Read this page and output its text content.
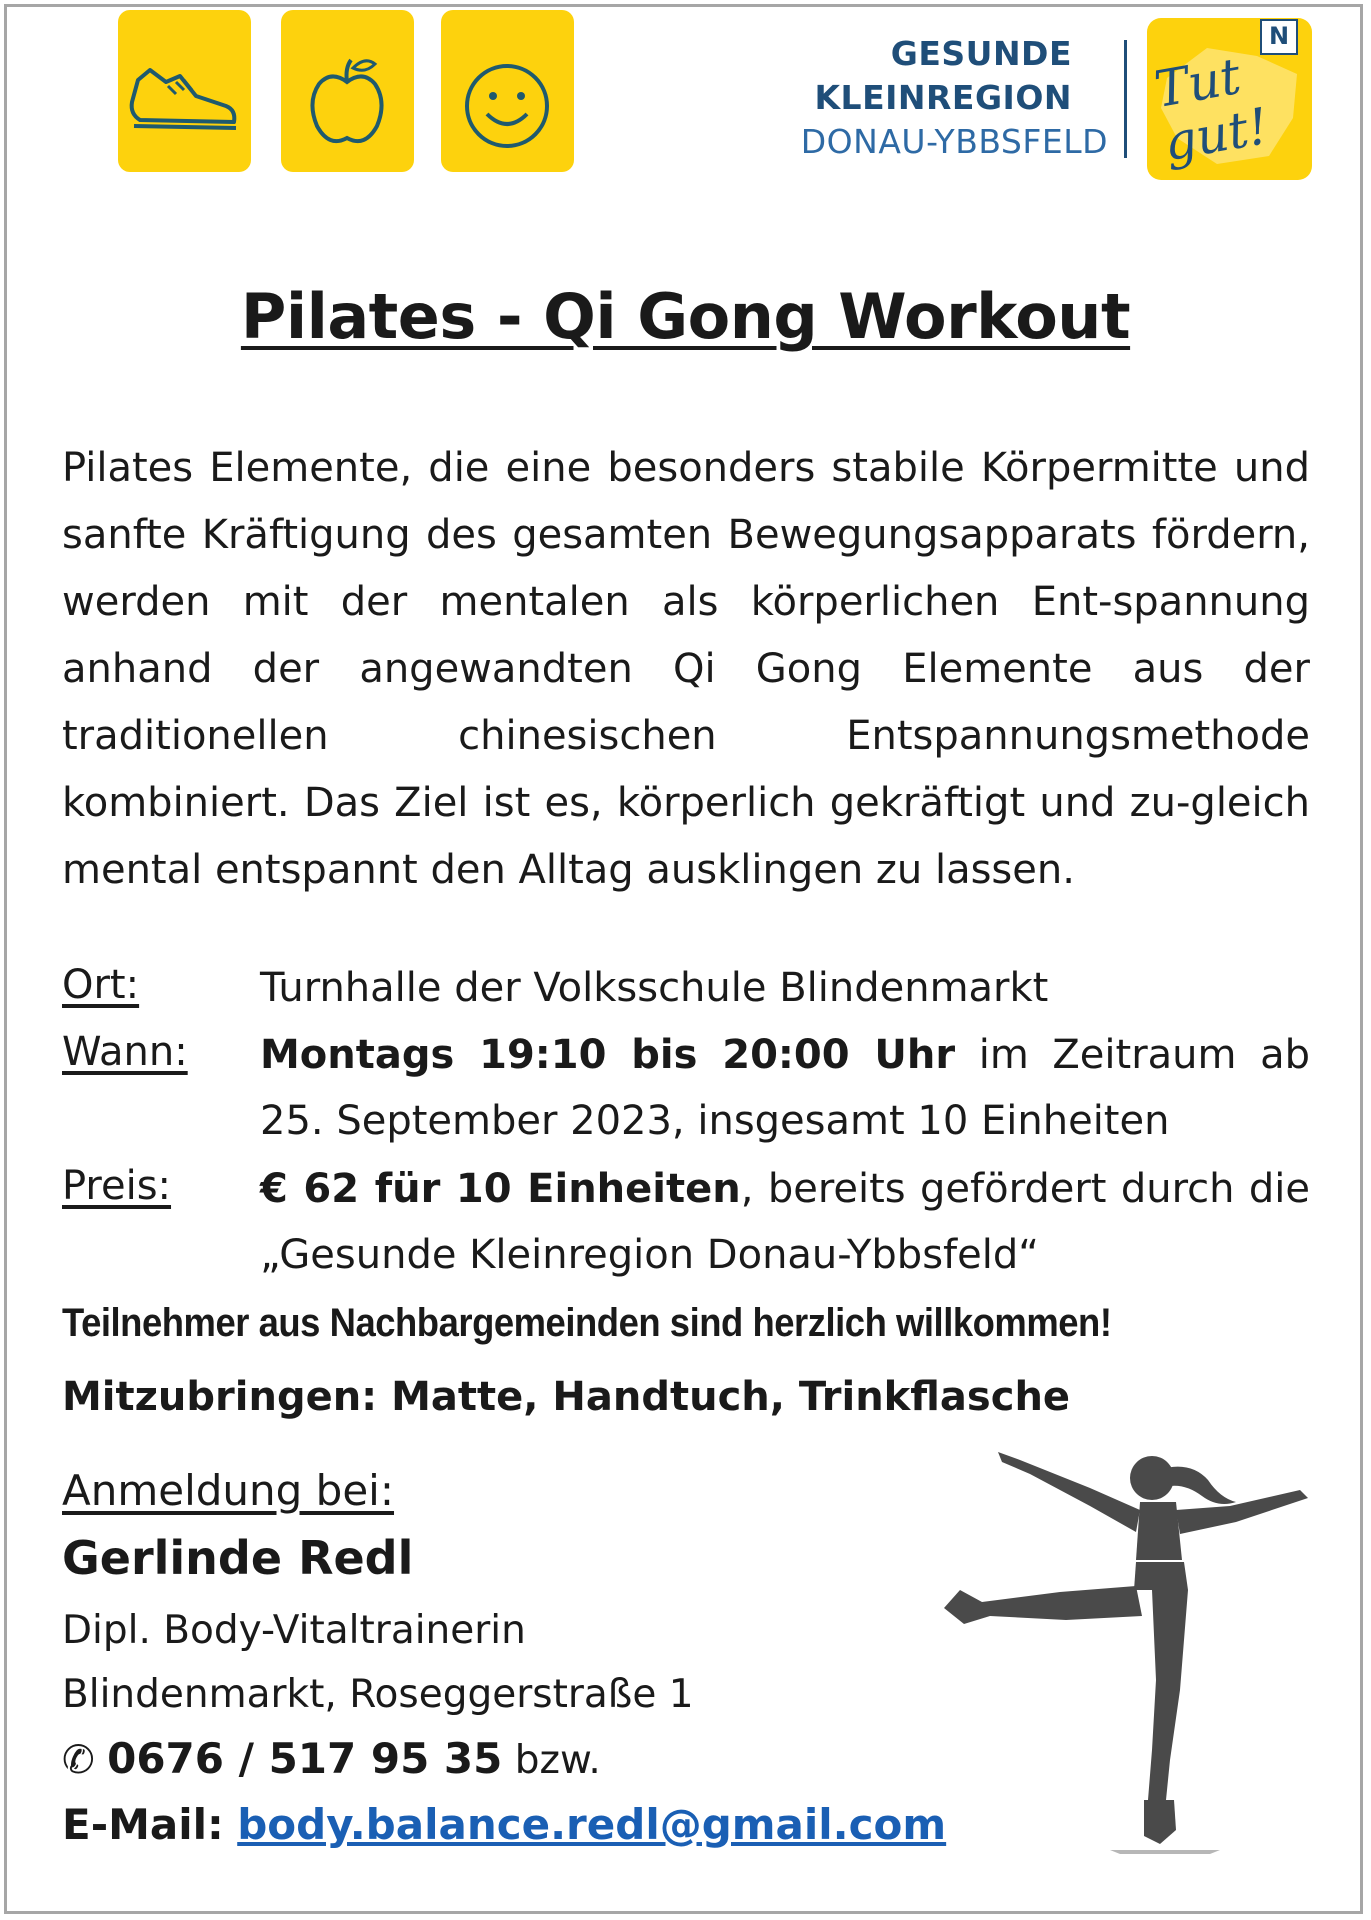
GESUNDE
KLEINREGION
DONAU-YBBSFELD
N
Tut gut!
Pilates - Qi Gong Workout
Pilates Elemente, die eine besonders stabile Körpermitte und sanfte Kräftigung des gesamten Bewegungsapparats fördern, werden mit der mentalen als körperlichen Ent-spannung anhand der angewandten Qi Gong Elemente aus der traditionellen chinesischen Entspannungsmethode kombiniert. Das Ziel ist es, körperlich gekräftigt und zu-gleich mental entspannt den Alltag ausklingen zu lassen.
Ort:	Turnhalle der Volksschule Blindenmarkt
Wann: Montags 19:10 bis 20:00 Uhr im Zeitraum ab 25. September 2023, insgesamt 10 Einheiten
Preis: € 62 für 10 Einheiten, bereits gefördert durch die „Gesunde Kleinregion Donau-Ybbsfeld“
Teilnehmer aus Nachbargemeinden sind herzlich willkommen!
Mitzubringen: Matte, Handtuch, Trinkflasche
Anmeldung bei:
Gerlinde Redl
Dipl. Body-Vitaltrainerin
Blindenmarkt, Roseggerstraße 1
✆ 0676 / 517 95 35 bzw.
E-Mail: body.balance.redl@gmail.com
